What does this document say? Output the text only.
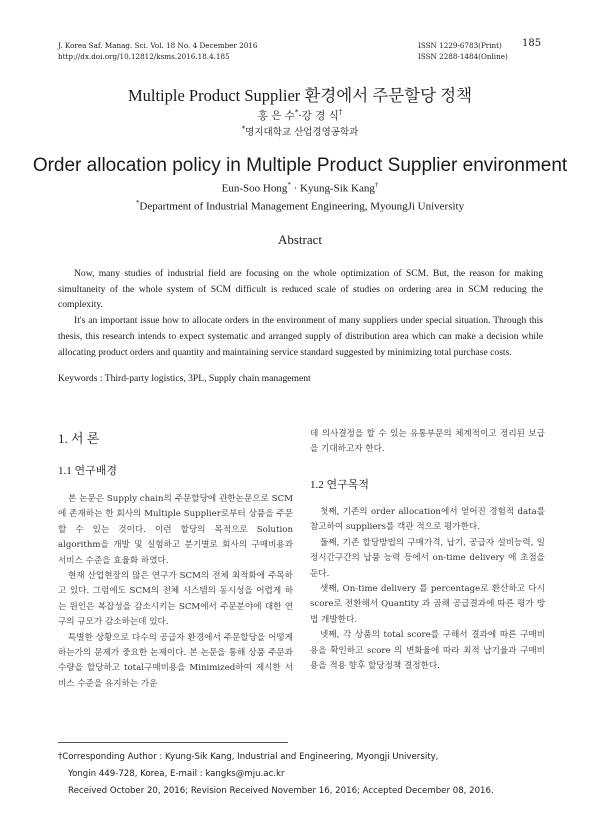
J. Korea Saf. Manag. Sci. Vol. 18 No. 4 December 2016
http://dx.doi.org/10.12812/ksms.2016.18.4.185
ISSN 1229-6783(Print)
ISSN 2288-1484(Online)
185
Multiple Product Supplier 환경에서 주문할당 정책
홍 은 수*·강 경 식†
*명지대학교 산업경영공학과
Order allocation policy in Multiple Product Supplier environment
Eun-Soo Hong* · Kyung-Sik Kang†
*Department of Industrial Management Engineering, MyoungJi University
Abstract

Now, many studies of industrial field are focusing on the whole optimization of SCM. But, the reason for making simultaneity of the whole system of SCM difficult is reduced scale of studies on ordering area in SCM reducing the complexity.

It's an important issue how to allocate orders in the environment of many suppliers under special situation. Through this thesis, this research intends to expect systematic and arranged supply of distribution area which can make a decision while allocating product orders and quantity and maintaining service standard suggested by minimizing total purchase costs.

Keywords : Third-party logistics, 3PL, Supply chain management
1. 서 론
1.1 연구배경

본 논문은 Supply chain의 주문할당에 관한논문으로 SCM에 존재하는 한 회사의 Multiple Supplier로부터 상품을 주문 할 수 있는 것이다. 이런 할당의 목적으로 Solution algorithm을 개발 및 실험하고 분기별로 회사의 구매비용과 서비스 수준을 효율화 하였다.

현재 산업현장의 많은 연구가 SCM의 전체 최적화에 주목하고 있다. 그럼에도 SCM의 전체 시스템의 동시성을 어렵게 하는 원인은 복잡성을 감소시키는 SCM에서 주문분야에 대한 연구의 규모가 감소하는데 있다.

특별한 상황으로 다수의 공급자 환경에서 주문할당을 어떻게 하는가의 문제가 중요한 논제이다. 본 논문을 통해 상품 주문과 수량을 할당하고 total구매비용을 Minimized하여 제시한 서비스 수준을 유지하는 가운

데 의사결정을 할 수 있는 유통부문의 체계적이고 정리된 보급을 기대하고자 한다.

1.2 연구목적

첫째, 기존의 order allocation에서 얻어진 경험적 data를 참고하여 suppliers를 객관 적으로 평가한다.

둘째, 기존 할당방법의 구매가격, 납기, 공급자 설비능력, 일정시간구간의 납품 능력 등에서 on-time delivery 에 초점을 둔다.

셋째, On-time delivery 를 percentage로 환산하고 다시 score로 전환해서 Quantity 과 곱해 공급결과에 따른 평가 방법 개발한다.

넷째, 각 상품의 total score를 구해서 결과에 따른 구매비용을 확인하고 score 의 변화율에 따라 최적 납기율과 구매비용을 적용 향후 할당정책 결정한다.

†Corresponding Author : Kyung-Sik Kang, Industrial and Engineering, Myongji University,
Yongin 449-728, Korea, E-mail : kangks@mju.ac.kr
Received October 20, 2016; Revision Received November 16, 2016; Accepted December 08, 2016.
